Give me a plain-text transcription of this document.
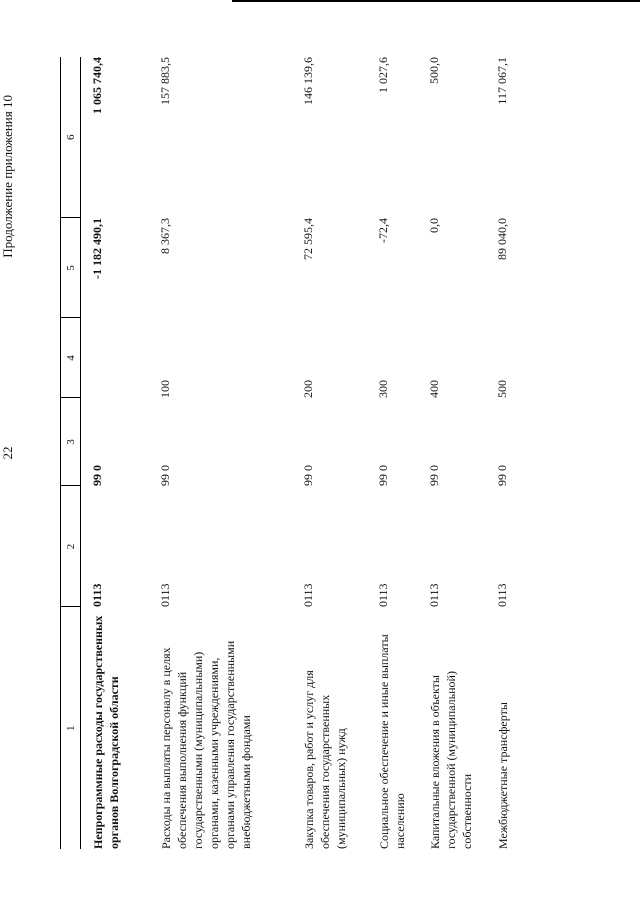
22
Продолжение приложения 10
1	2	3	4	5	6
Непрограммные расходы государственных органов Волгоградской области	0113	99 0		-1 182 490,1	1 065 740,4
Расходы на выплаты персоналу в целях обеспечения выполнения функций государственными (муниципальными) органами, казенными учреждениями, органами управления государственными внебюджетными фондами	0113	99 0	100	8 367,3	157 883,5
Закупка товаров, работ и услуг для обеспечения государственных (муниципальных) нужд	0113	99 0	200	72 595,4	146 139,6
Социальное обеспечение и иные выплаты населению	0113	99 0	300	-72,4	1 027,6
Капитальные вложения в объекты государственной (муниципальной) собственности	0113	99 0	400	0,0	500,0
Межбюджетные трансферты	0113	99 0	500	89 040,0	117 067,1
